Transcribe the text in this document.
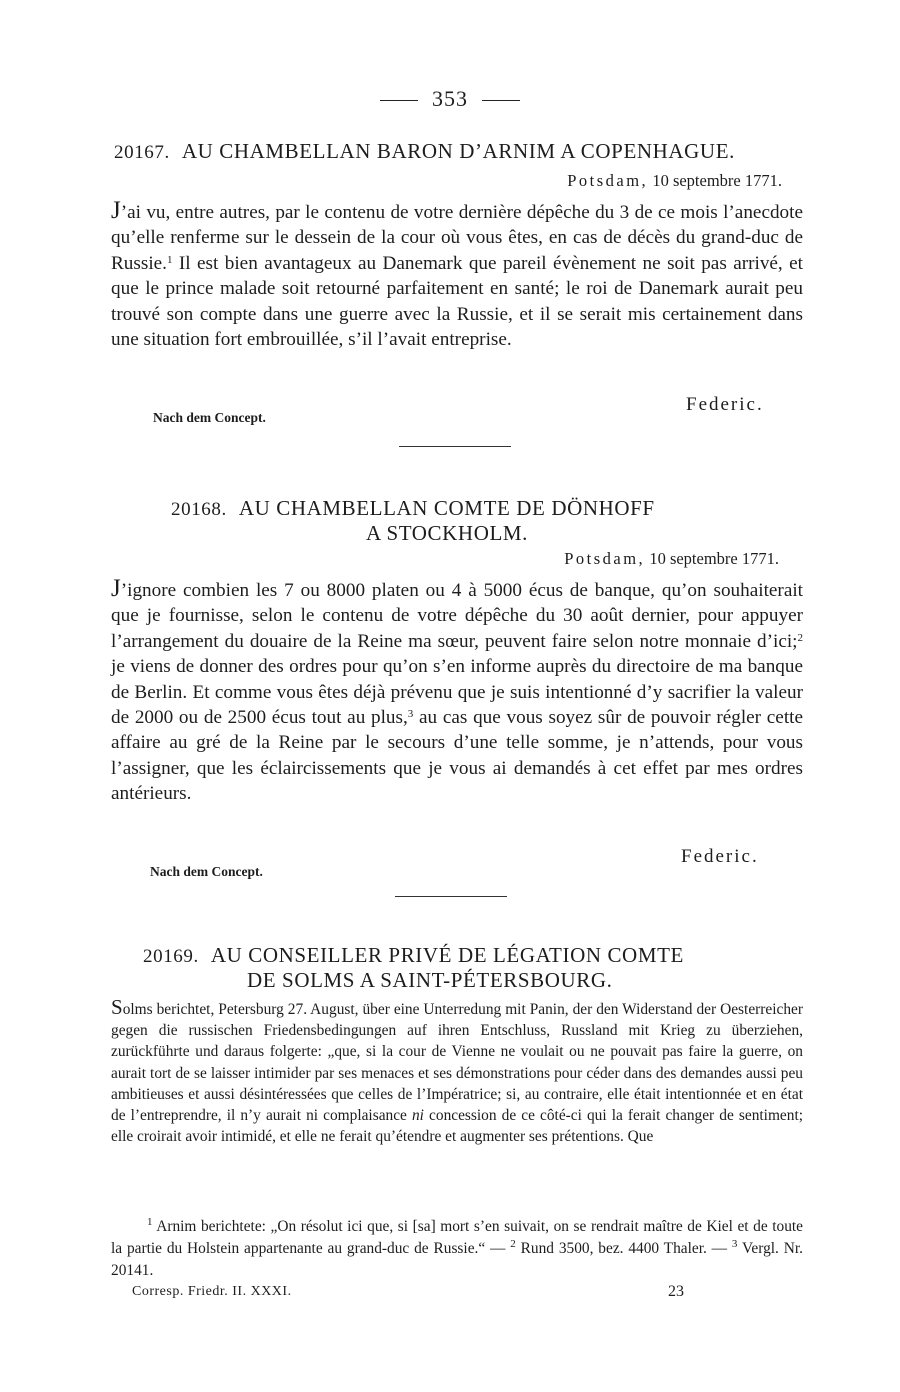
353
20167. AU CHAMBELLAN BARON D’ARNIM A COPENHAGUE.
Potsdam, 10 septembre 1771.
J’ai vu, entre autres, par le contenu de votre dernière dépêche du 3 de ce mois l’anecdote qu’elle renferme sur le dessein de la cour où vous êtes, en cas de décès du grand-duc de Russie.$^1$ Il est bien avantageux au Danemark que pareil évènement ne soit pas arrivé, et que le prince malade soit retourné parfaitement en santé; le roi de Danemark aurait peu trouvé son compte dans une guerre avec la Russie, et il se serait mis certainement dans une situation fort embrouillée, s’il l’avait entreprise.
Federic.
Nach dem Concept.
20168. AU CHAMBELLAN COMTE DE DÖNHOFF
A STOCKHOLM.
Potsdam, 10 septembre 1771.
J’ignore combien les 7 ou 8000 platen ou 4 à 5000 écus de banque, qu’on souhaiterait que je fournisse, selon le contenu de votre dépêche du 30 août dernier, pour appuyer l’arrangement du douaire de la Reine ma sœur, peuvent faire selon notre monnaie d’ici;$^2$ je viens de donner des ordres pour qu’on s’en informe auprès du directoire de ma banque de Berlin. Et comme vous êtes déjà prévenu que je suis intentionné d’y sacrifier la valeur de 2000 ou de 2500 écus tout au plus,$^3$ au cas que vous soyez sûr de pouvoir régler cette affaire au gré de la Reine par le secours d’une telle somme, je n’attends, pour vous l’assigner, que les éclaircissements que je vous ai demandés à cet effet par mes ordres antérieurs.
Federic.
Nach dem Concept.
20169. AU CONSEILLER PRIVÉ DE LÉGATION COMTE
DE SOLMS A SAINT-PÉTERSBOURG.
Solms berichtet, Petersburg 27. August, über eine Unterredung mit Panin, der den Widerstand der Oesterreicher gegen die russischen Friedensbedingungen auf ihren Entschluss, Russland mit Krieg zu überziehen, zurückführte und daraus folgerte: „que, si la cour de Vienne ne voulait ou ne pouvait pas faire la guerre, on aurait tort de se laisser intimider par ses menaces et ses démonstrations pour céder dans des demandes aussi peu ambitieuses et aussi désintéressées que celles de l’Impératrice; si, au contraire, elle était intentionnée et en état de l’entreprendre, il n’y aurait ni complaisance ni concession de ce côté-ci qui la ferait changer de sentiment; elle croirait avoir intimidé, et elle ne ferait qu’étendre et augmenter ses prétentions. Que
$^1$ Arnim berichtete: „On résolut ici que, si [sa] mort s’en suivait, on se rendrait maître de Kiel et de toute la partie du Holstein appartenante au grand-duc de Russie.“ — $^2$ Rund 3500, bez. 4400 Thaler. — $^3$ Vergl. Nr. 20141.
Corresp. Friedr. II. XXXI.	23
